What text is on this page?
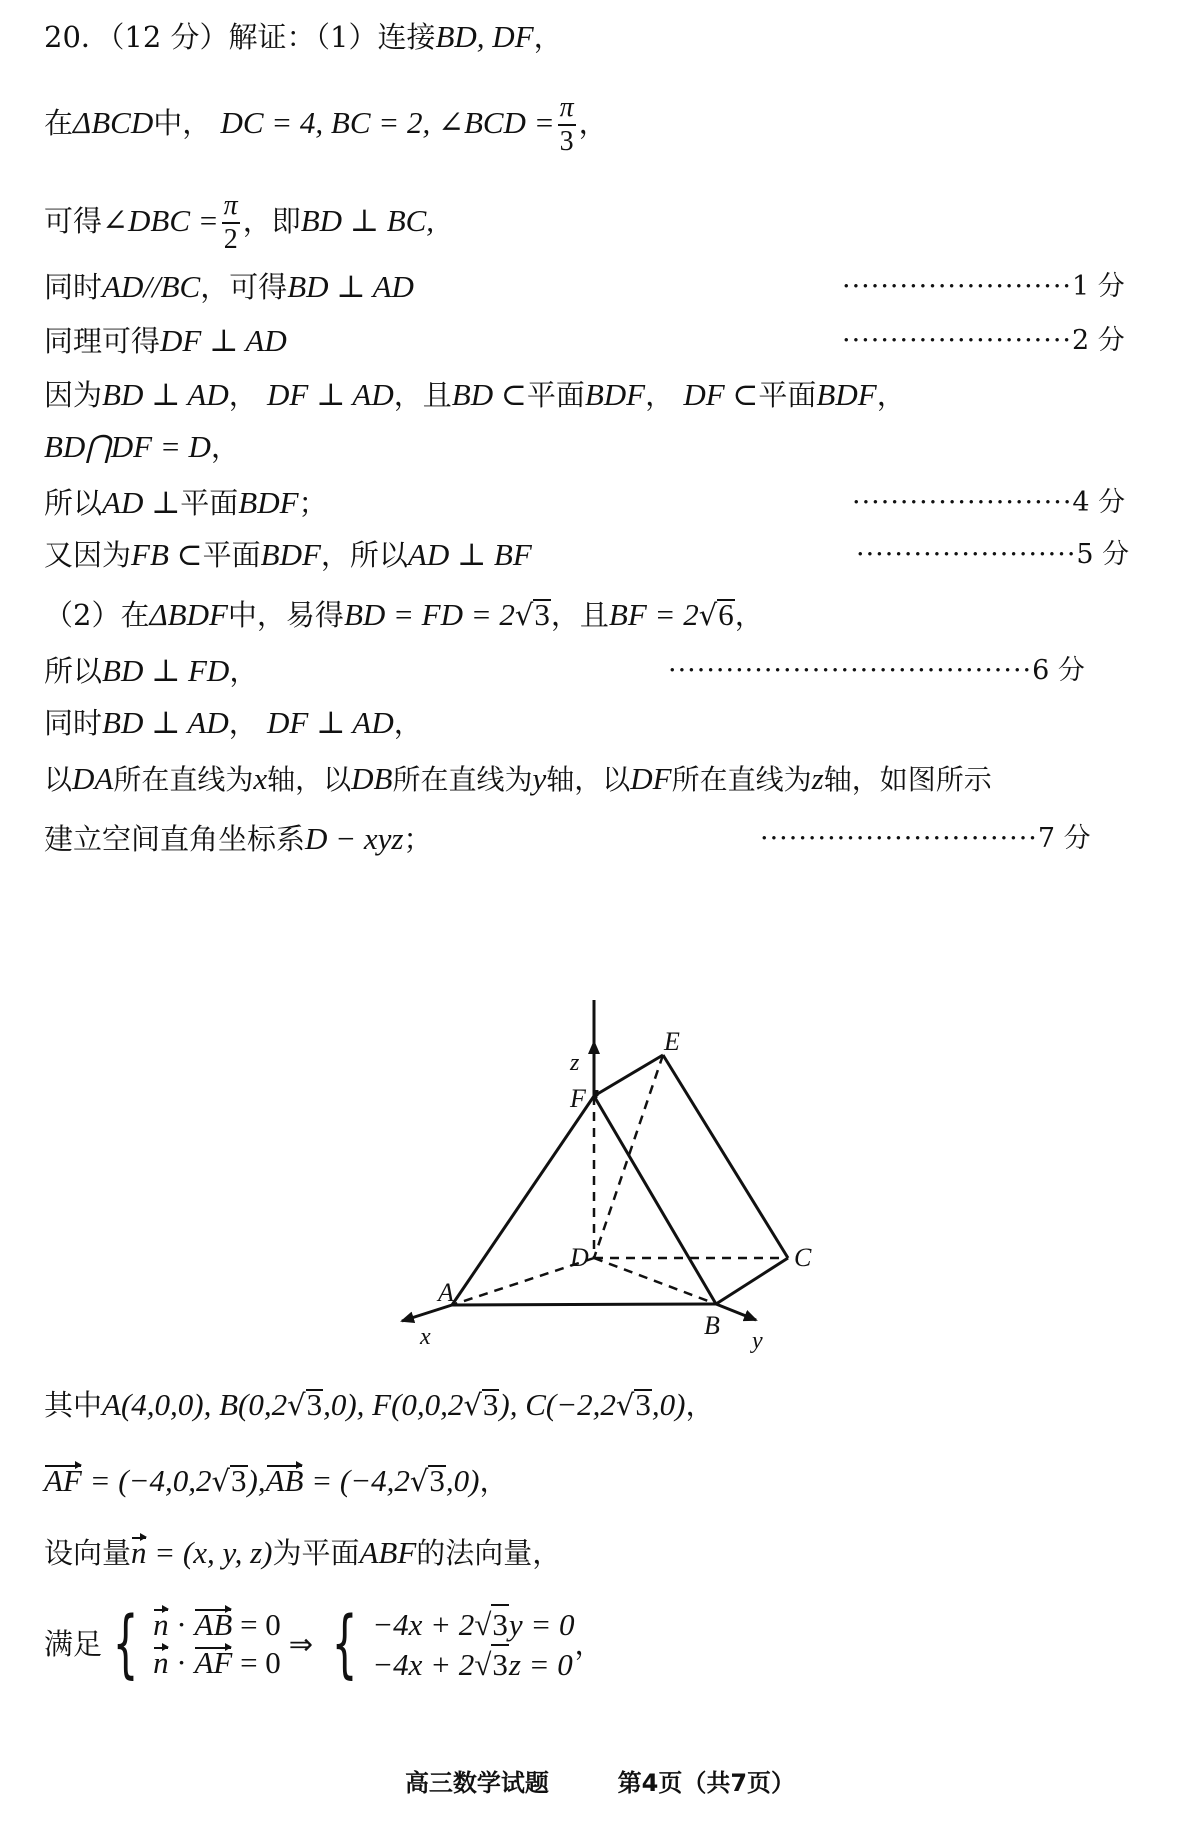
20．（12 分）解证：（1）连接BD, DF，
在ΔBCD中， DC = 4, BC = 2, ∠BCD = $\frac{\pi}{3}$ ，
可得∠DBC = $\frac{\pi}{2}$ ，即BD ⊥ BC,
同时AD//BC，可得BD ⊥ AD	························1 分
同理可得DF ⊥ AD	························2 分
因为BD ⊥ AD， DF ⊥ AD，且BD ⊂平面BDF， DF ⊂平面BDF，
BD⋂DF = D，
所以AD ⊥平面BDF；	·······················4 分
又因为FB ⊂平面BDF，所以AD ⊥ BF	·······················5 分
（2）在ΔBDF中，易得BD = FD = 2√3，且BF = 2√6，
所以BD ⊥ FD，	······································6 分
同时BD ⊥ AD， DF ⊥ AD，
以DA所在直线为x轴，以DB所在直线为y轴，以DF所在直线为z轴，如图所示
建立空间直角坐标系D − xyz；	·····························7 分
E
F
D	C
A
B
x	y
z
其中A(4,0,0), B(0,2√3,0), F(0,0,2√3), C(−2,2√3,0)，
AF = (−4,0,2√3),AB = (−4,2√3,0)，
设向量n = (x, y, z)为平面ABF的法向量，
满足 { n · AB = 0
n · AF = 0
⇒ { −4x + 2√3y = 0
−4x + 2√3z = 0
，
高三数学试题	第4页（共7页）
